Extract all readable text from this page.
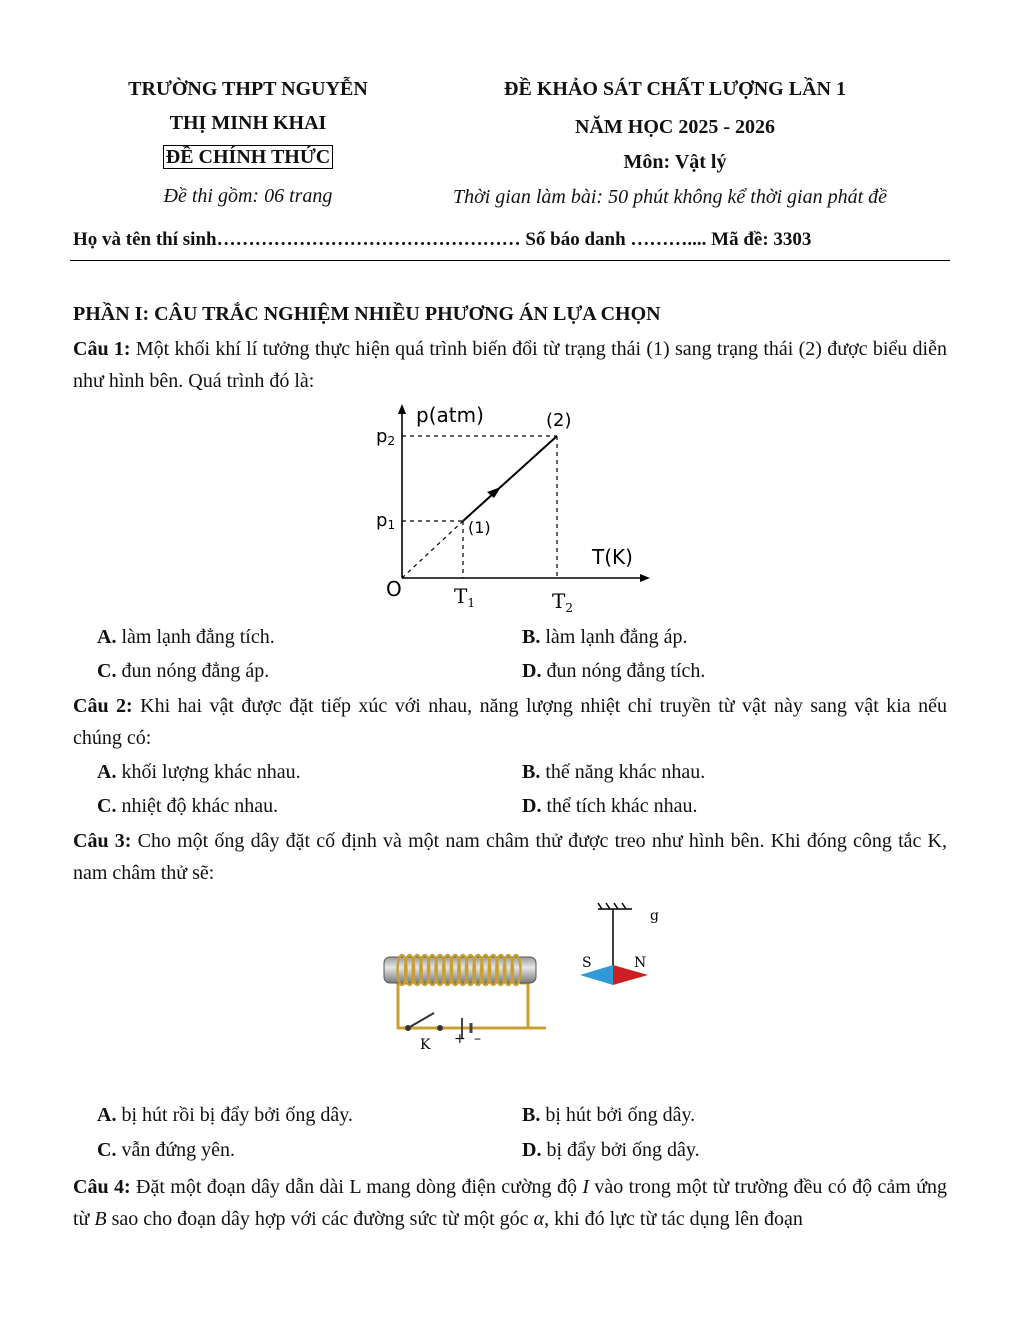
TRƯỜNG THPT NGUYỄN
THỊ MINH KHAI
ĐỀ CHÍNH THỨC
Đề thi gồm: 06 trang
ĐỀ KHẢO SÁT CHẤT LƯỢNG LẦN 1
NĂM HỌC 2025 - 2026
Môn: Vật lý
Thời gian làm bài: 50 phút không kể thời gian phát đề
Họ và tên thí sinh………………………………………… Số báo danh ……….... Mã đề: 3303
PHẦN I: CÂU TRẮC NGHIỆM NHIỀU PHƯƠNG ÁN LỰA CHỌN
Câu 1: Một khối khí lí tưởng thực hiện quá trình biến đổi từ trạng thái (1) sang trạng thái (2) được biểu diễn như hình bên. Quá trình đó là:
p(atm)	(2)
p2
p1	(1)
T(K)
O	$T_1$	$T_2$
A. làm lạnh đẳng tích.	B. làm lạnh đẳng áp.
C. đun nóng đẳng áp.	D. đun nóng đẳng tích.
Câu 2: Khi hai vật được đặt tiếp xúc với nhau, năng lượng nhiệt chỉ truyền từ vật này sang vật kia nếu chúng có:
A. khối lượng khác nhau.	B. thế năng khác nhau.
C. nhiệt độ khác nhau.	D. thể tích khác nhau.
Câu 3: Cho một ống dây đặt cố định và một nam châm thử được treo như hình bên. Khi đóng công tắc K, nam châm thử sẽ:
K + –
g
S	N
A. bị hút rồi bị đẩy bởi ống dây.	B. bị hút bởi ống dây.
C. vẫn đứng yên.	D. bị đẩy bởi ống dây.
Câu 4: Đặt một đoạn dây dẫn dài L mang dòng điện cường độ I vào trong một từ trường đều có độ cảm ứng từ B sao cho đoạn dây hợp với các đường sức từ một góc α, khi đó lực từ tác dụng lên đoạn
